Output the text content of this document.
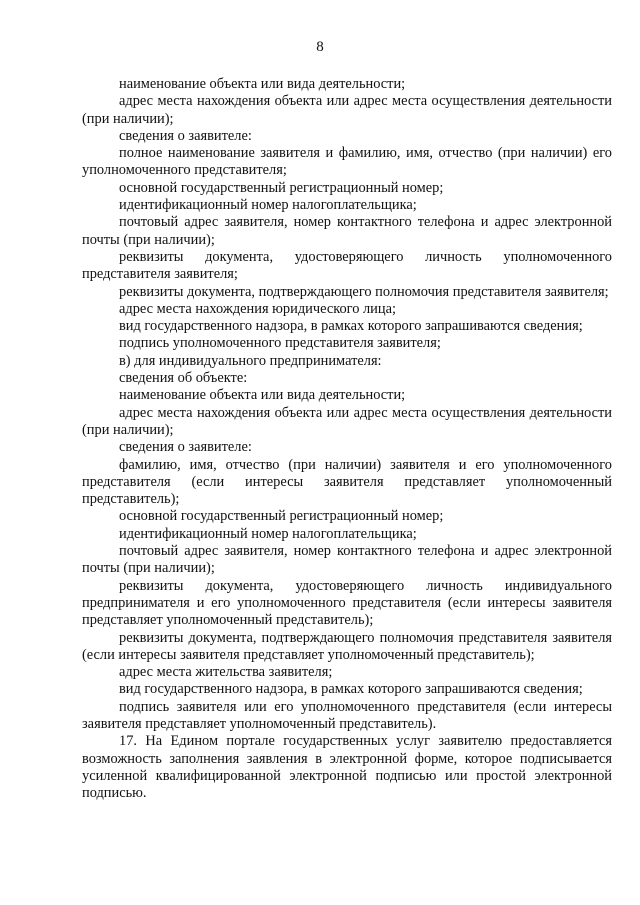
8

наименование объекта или вида деятельности;

адрес места нахождения объекта или адрес места осуществления деятельности (при наличии);

сведения о заявителе:

полное наименование заявителя и фамилию, имя, отчество (при наличии) его уполномоченного представителя;

основной государственный регистрационный номер;

идентификационный номер налогоплательщика;

почтовый адрес заявителя, номер контактного телефона и адрес электронной почты (при наличии);

реквизиты документа, удостоверяющего личность уполномоченного представителя заявителя;

реквизиты документа, подтверждающего полномочия представителя заявителя;

адрес места нахождения юридического лица;

вид государственного надзора, в рамках которого запрашиваются сведения;

подпись уполномоченного представителя заявителя;

в) для индивидуального предпринимателя:

сведения об объекте:

наименование объекта или вида деятельности;

адрес места нахождения объекта или адрес места осуществления деятельности (при наличии);

сведения о заявителе:

фамилию, имя, отчество (при наличии) заявителя и его уполномоченного представителя (если интересы заявителя представляет уполномоченный представитель);

основной государственный регистрационный номер;

идентификационный номер налогоплательщика;

почтовый адрес заявителя, номер контактного телефона и адрес электронной почты (при наличии);

реквизиты документа, удостоверяющего личность индивидуального предпринимателя и его уполномоченного представителя (если интересы заявителя представляет уполномоченный представитель);

реквизиты документа, подтверждающего полномочия представителя заявителя (если интересы заявителя представляет уполномоченный представитель);

адрес места жительства заявителя;

вид государственного надзора, в рамках которого запрашиваются сведения;

подпись заявителя или его уполномоченного представителя (если интересы заявителя представляет уполномоченный представитель).

17. На Едином портале государственных услуг заявителю предоставляется возможность заполнения заявления в электронной форме, которое подписывается усиленной квалифицированной электронной подписью или простой электронной подписью.
